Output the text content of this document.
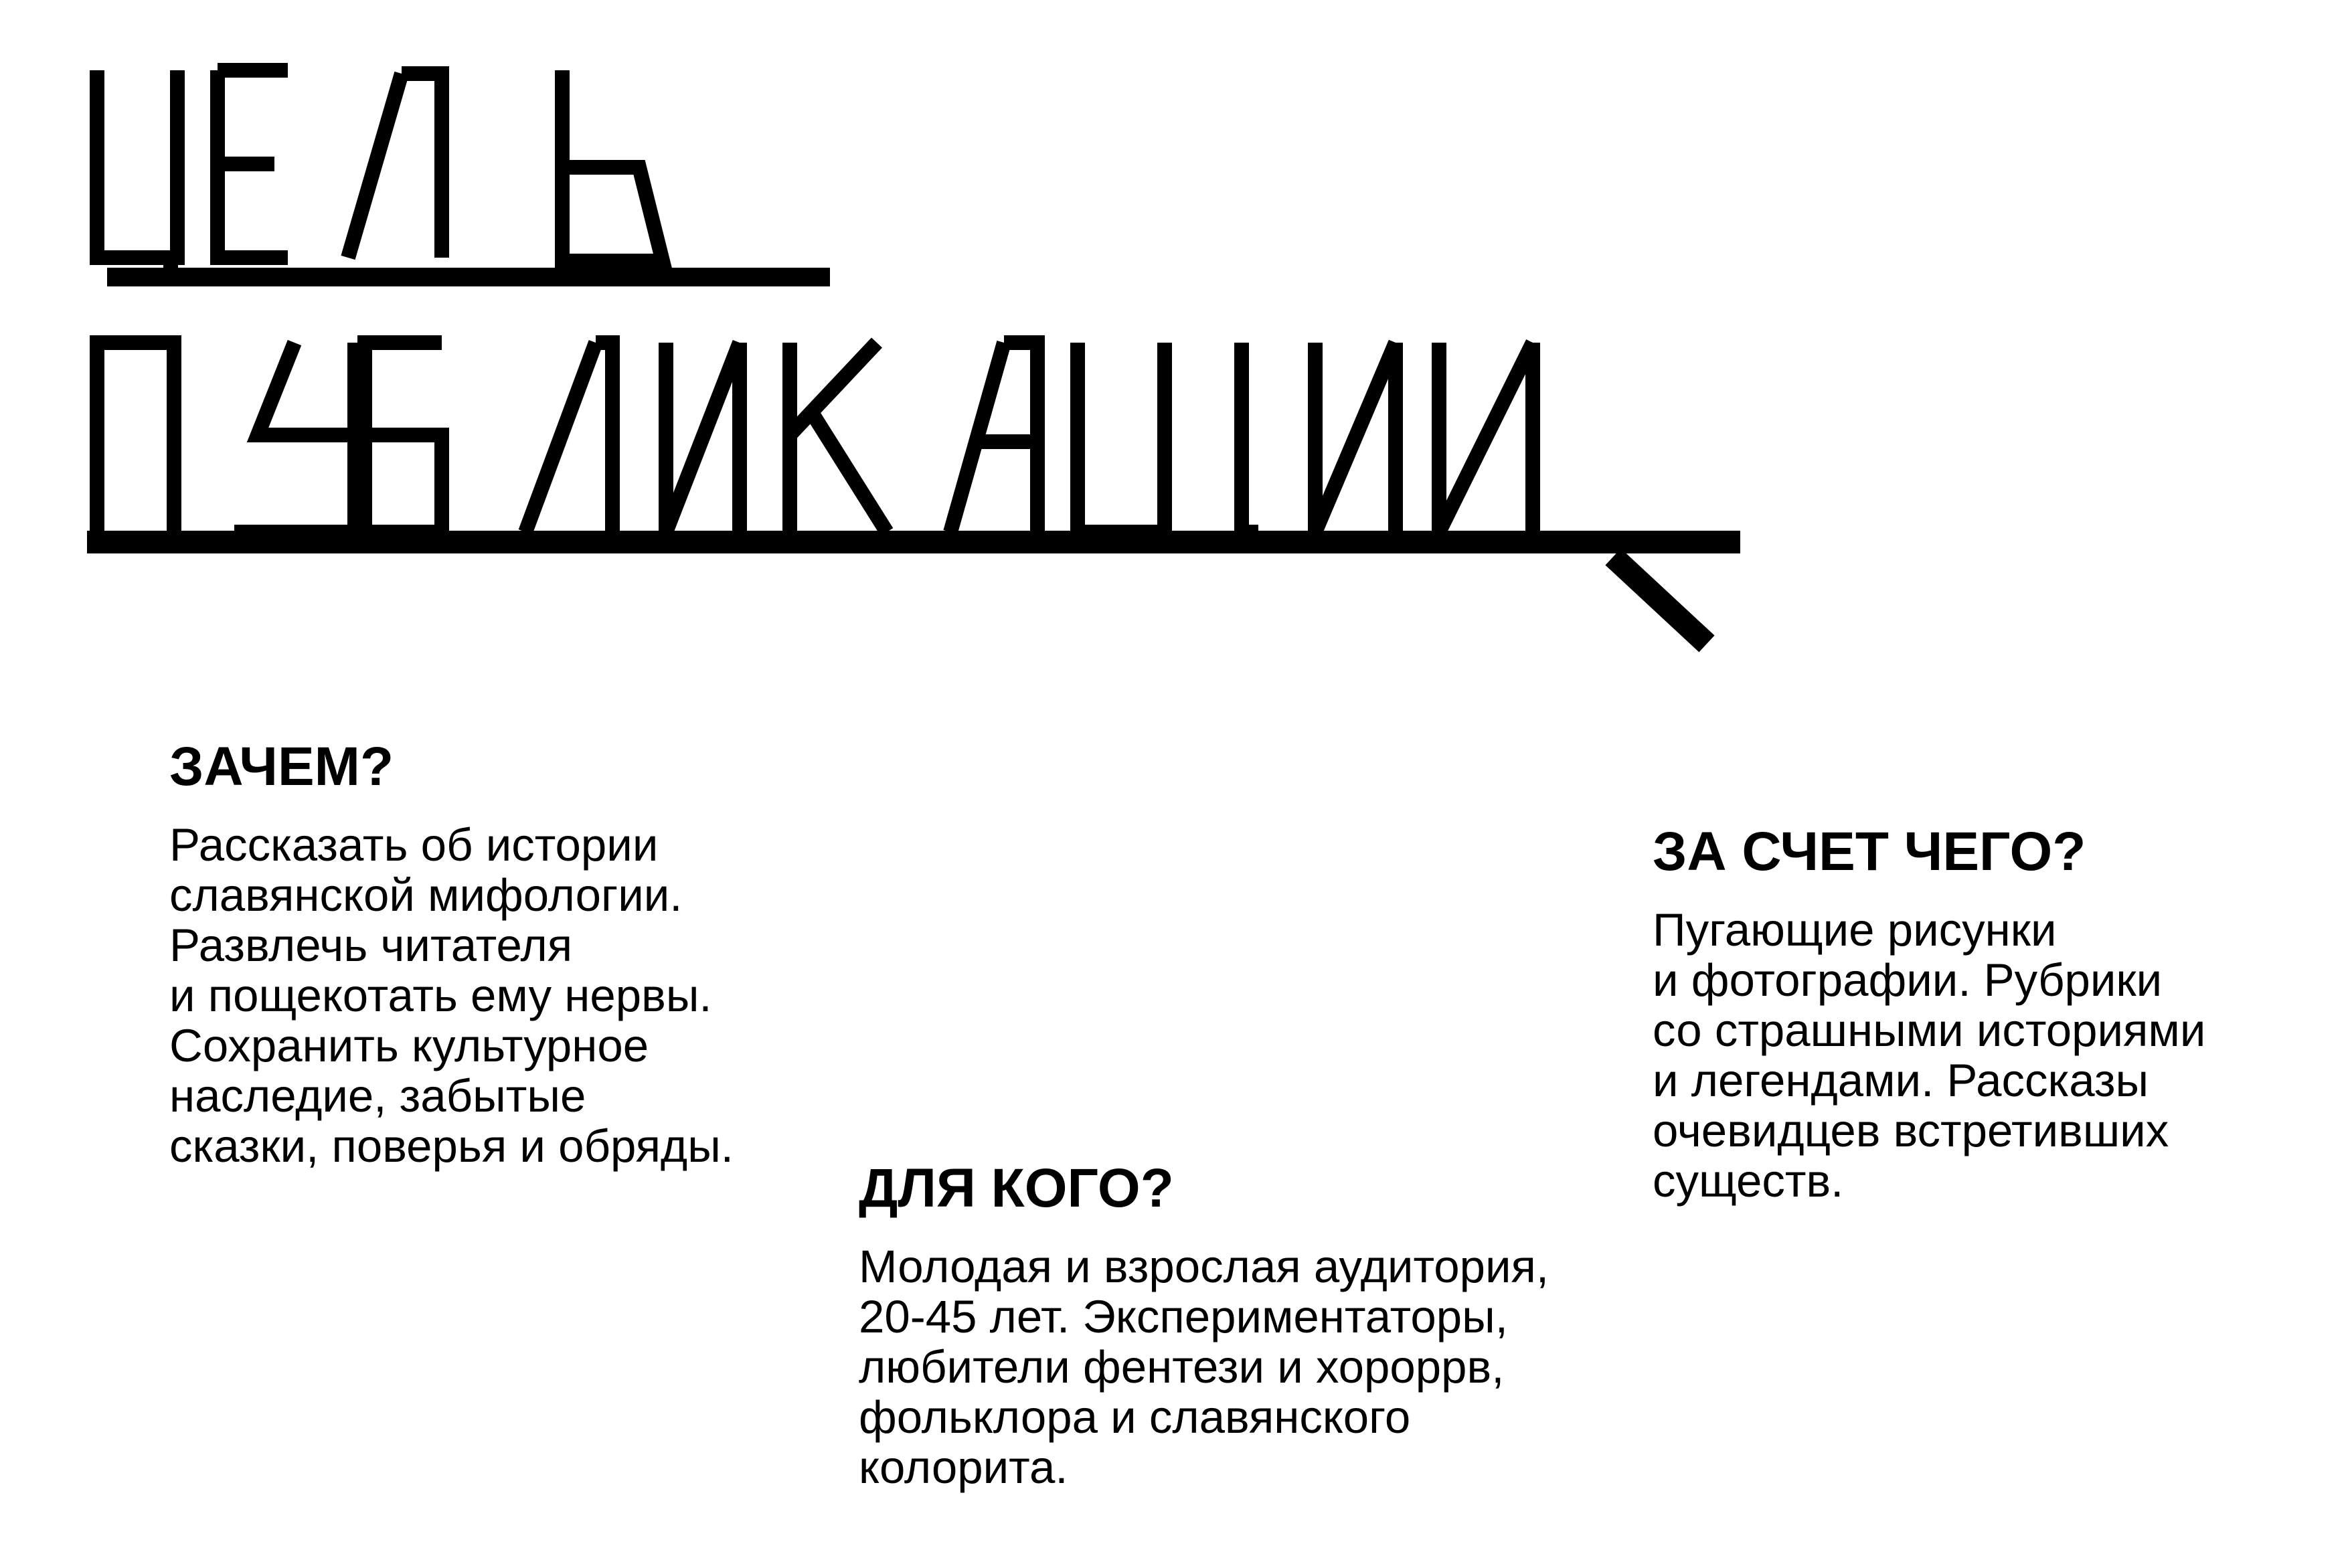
ЗАЧЕМ?
Рассказать об истории
славянской мифологии.
Развлечь читателя
и пощекотать ему нервы.
Сохранить культурное
наследие, забытые
сказки, поверья и обряды.
ДЛЯ КОГО?
Молодая и взрослая аудитория,
20-45 лет. Экспериментаторы,
любители фентези и хороррв,
фольклора и славянского
колорита.
ЗА СЧЕТ ЧЕГО?
Пугающие рисунки
и фотографии. Рубрики
со страшными историями
и легендами. Рассказы
очевидцев встретивших
существ.
